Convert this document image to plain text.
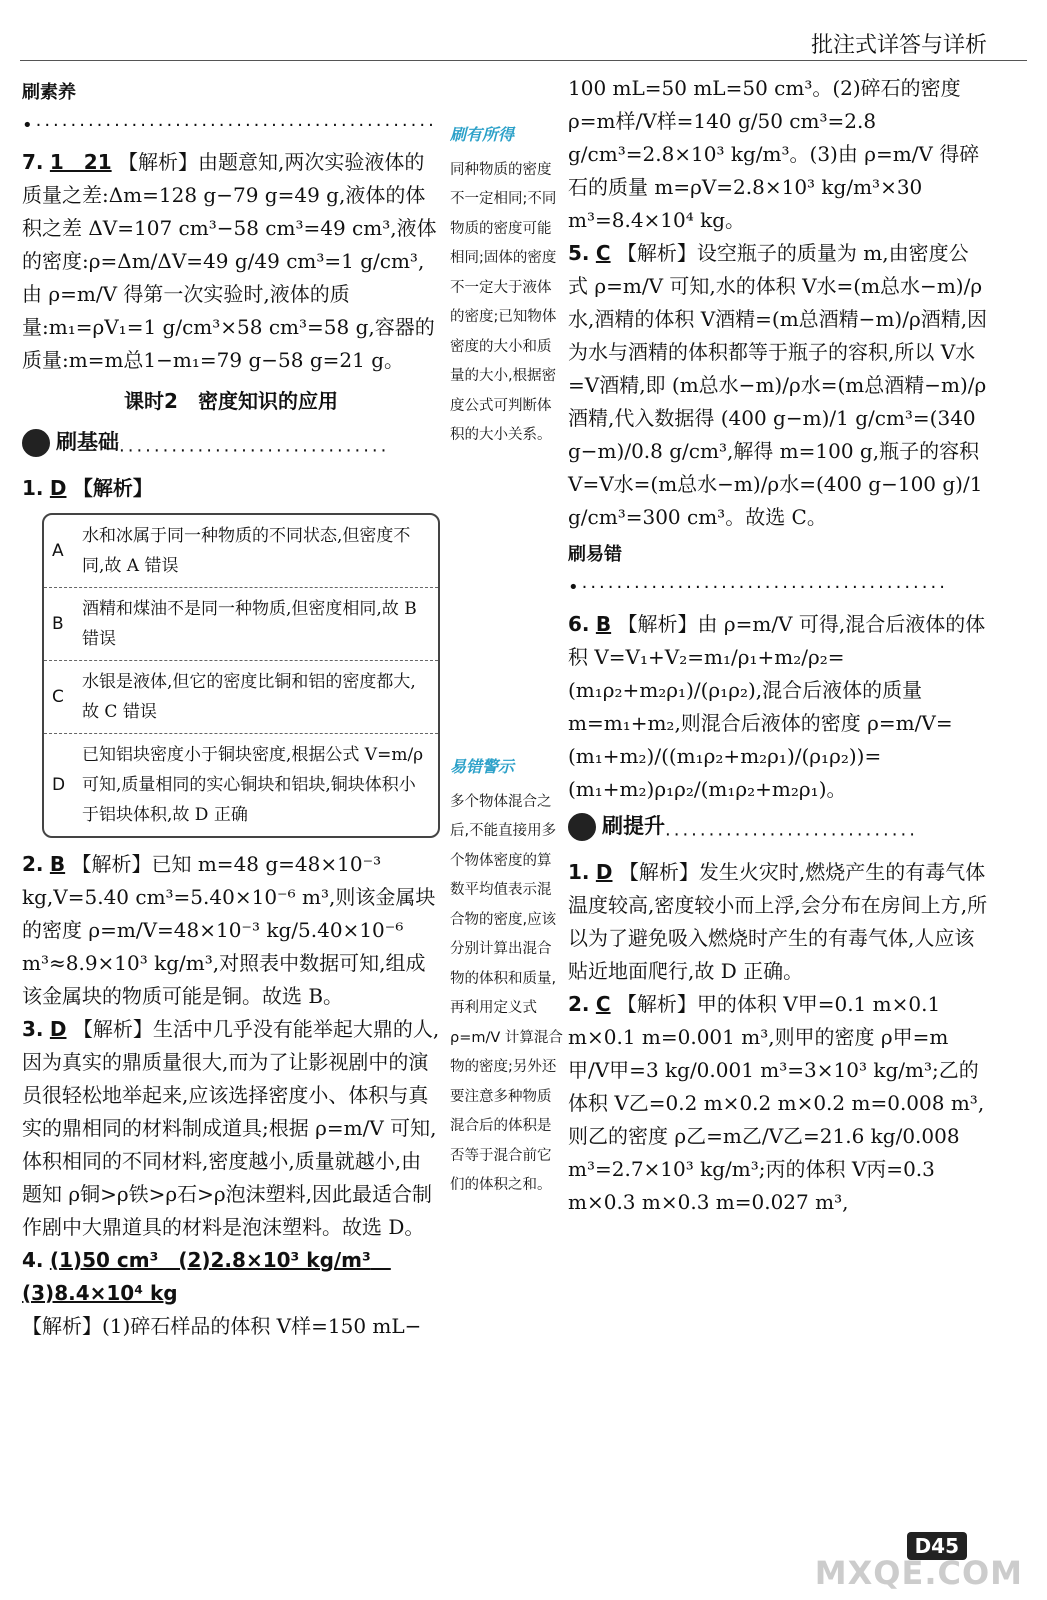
批注式详答与详析
刷素养•··············································

7. 1　21 【解析】由题意知,两次实验液体的质量之差:Δm=128 g−79 g=49 g,液体的体积之差 ΔV=107 cm³−58 cm³=49 cm³,液体的密度:ρ=Δm/ΔV=49 g/49 cm³=1 g/cm³,由 ρ=m/V 得第一次实验时,液体的质量:m₁=ρV₁=1 g/cm³×58 cm³=58 g,容器的质量:m=m总1−m₁=79 g−58 g=21 g。

课时2　密度知识的应用
刷基础 ·······························

1. D 【解析】

A
水和冰属于同一种物质的不同状态,但密度不同,故 A 错误
B
酒精和煤油不是同一种物质,但密度相同,故 B 错误
C
水银是液体,但它的密度比铜和铝的密度都大,故 C 错误
D
已知铝块密度小于铜块密度,根据公式 V=m/ρ 可知,质量相同的实心铜块和铝块,铜块体积小于铝块体积,故 D 正确

2. B 【解析】已知 m=48 g=48×10⁻³ kg,V=5.40 cm³=5.40×10⁻⁶ m³,则该金属块的密度 ρ=m/V=48×10⁻³ kg/5.40×10⁻⁶ m³≈8.9×10³ kg/m³,对照表中数据可知,组成该金属块的物质可能是铜。故选 B。

3. D 【解析】生活中几乎没有能举起大鼎的人,因为真实的鼎质量很大,而为了让影视剧中的演员很轻松地举起来,应该选择密度小、体积与真实的鼎相同的材料制成道具;根据 ρ=m/V 可知,体积相同的不同材料,密度越小,质量就越小,由题知 ρ铜>ρ铁>ρ石>ρ泡沫塑料,因此最适合制作剧中大鼎道具的材料是泡沫塑料。故选 D。

4. (1)50 cm³　(2)2.8×10³ kg/m³　(3)8.4×10⁴ kg
【解析】(1)碎石样品的体积 V样=150 mL−

刷有所得
同种物质的密度不一定相同;不同物质的密度可能相同;固体的密度不一定大于液体的密度;已知物体密度的大小和质量的大小,根据密度公式可判断体积的大小关系。
易错警示
多个物体混合之后,不能直接用多个物体密度的算数平均值表示混合物的密度,应该分别计算出混合物的体积和质量,再利用定义式 ρ=m/V 计算混合物的密度;另外还要注意多种物质混合后的体积是否等于混合前它们的体积之和。

100 mL=50 mL=50 cm³。(2)碎石的密度 ρ=m样/V样=140 g/50 cm³=2.8 g/cm³=2.8×10³ kg/m³。(3)由 ρ=m/V 得碎石的质量 m=ρV=2.8×10³ kg/m³×30 m³=8.4×10⁴ kg。

5. C 【解析】设空瓶子的质量为 m,由密度公式 ρ=m/V 可知,水的体积 V水=(m总水−m)/ρ水,酒精的体积 V酒精=(m总酒精−m)/ρ酒精,因为水与酒精的体积都等于瓶子的容积,所以 V水=V酒精,即 (m总水−m)/ρ水=(m总酒精−m)/ρ酒精,代入数据得 (400 g−m)/1 g/cm³=(340 g−m)/0.8 g/cm³,解得 m=100 g,瓶子的容积 V=V水=(m总水−m)/ρ水=(400 g−100 g)/1 g/cm³=300 cm³。故选 C。

刷易错•··········································

6. B 【解析】由 ρ=m/V 可得,混合后液体的体积 V=V₁+V₂=m₁/ρ₁+m₂/ρ₂=(m₁ρ₂+m₂ρ₁)/(ρ₁ρ₂),混合后液体的质量 m=m₁+m₂,则混合后液体的密度 ρ=m/V=(m₁+m₂)/((m₁ρ₂+m₂ρ₁)/(ρ₁ρ₂))=(m₁+m₂)ρ₁ρ₂/(m₁ρ₂+m₂ρ₁)。

刷提升 ·····························

1. D 【解析】发生火灾时,燃烧产生的有毒气体温度较高,密度较小而上浮,会分布在房间上方,所以为了避免吸入燃烧时产生的有毒气体,人应该贴近地面爬行,故 D 正确。

2. C 【解析】甲的体积 V甲=0.1 m×0.1 m×0.1 m=0.001 m³,则甲的密度 ρ甲=m甲/V甲=3 kg/0.001 m³=3×10³ kg/m³;乙的体积 V乙=0.2 m×0.2 m×0.2 m=0.008 m³,则乙的密度 ρ乙=m乙/V乙=21.6 kg/0.008 m³=2.7×10³ kg/m³;丙的体积 V丙=0.3 m×0.3 m×0.3 m=0.027 m³,

D45
MXQE.COM
